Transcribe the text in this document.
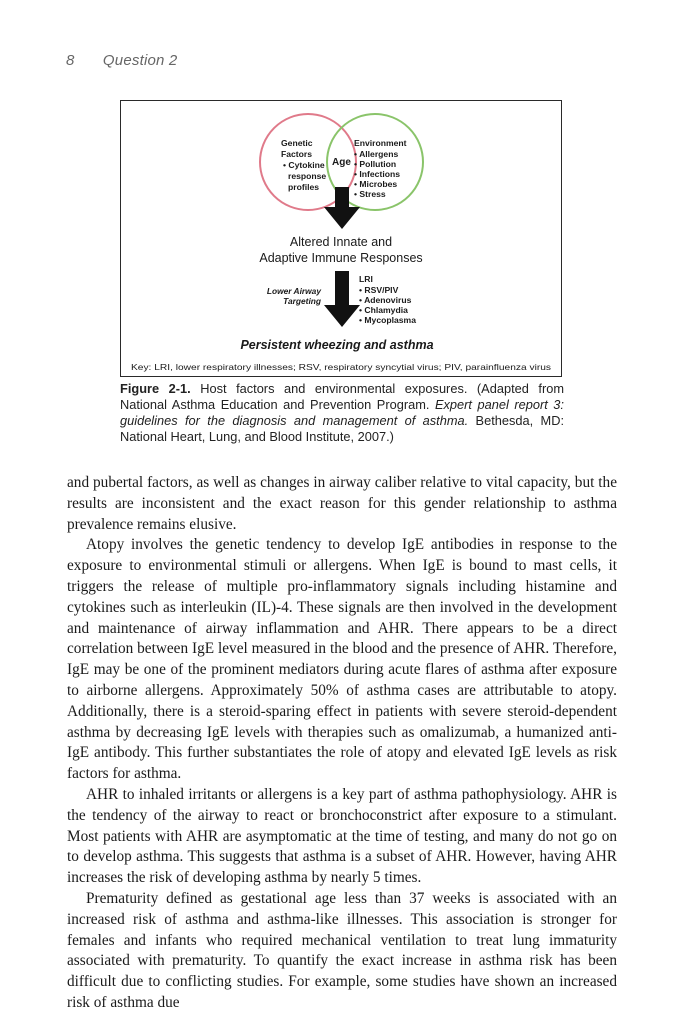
8 Question 2
Genetic
Factors
• Cytokine
response
profiles
Age
Environment
• Allergens
• Pollution
• Infections
• Microbes
• Stress
Altered Innate and
Adaptive Immune Responses
Lower Airway
Targeting
LRI
• RSV/PIV
• Adenovirus
• Chlamydia
• Mycoplasma
Persistent wheezing and asthma
Key: LRI, lower respiratory illnesses; RSV, respiratory syncytial virus; PIV, parainfluenza virus
Figure 2-1. Host factors and environmental exposures. (Adapted from National Asthma Education and Prevention Program. Expert panel report 3: guidelines for the diagnosis and management of asthma. Bethesda, MD: National Heart, Lung, and Blood Institute, 2007.)

and pubertal factors, as well as changes in airway caliber relative to vital capacity, but the results are inconsistent and the exact reason for this gender relationship to asthma prevalence remains elusive.

Atopy involves the genetic tendency to develop IgE antibodies in response to the exposure to environmental stimuli or allergens. When IgE is bound to mast cells, it triggers the release of multiple pro-inflammatory signals including histamine and cytokines such as interleukin (IL)-4. These signals are then involved in the development and maintenance of airway inflammation and AHR. There appears to be a direct correlation between IgE level measured in the blood and the presence of AHR. Therefore, IgE may be one of the prominent mediators during acute flares of asthma after exposure to airborne allergens. Approximately 50% of asthma cases are attributable to atopy. Additionally, there is a steroid-sparing effect in patients with severe steroid-dependent asthma by decreasing IgE levels with therapies such as omalizumab, a humanized anti-IgE antibody. This further substantiates the role of atopy and elevated IgE levels as risk factors for asthma.

AHR to inhaled irritants or allergens is a key part of asthma pathophysiology. AHR is the tendency of the airway to react or bronchoconstrict after exposure to a stimulant. Most patients with AHR are asymptomatic at the time of testing, and many do not go on to develop asthma. This suggests that asthma is a subset of AHR. However, having AHR increases the risk of developing asthma by nearly 5 times.

Prematurity defined as gestational age less than 37 weeks is associated with an increased risk of asthma and asthma-like illnesses. This association is stronger for females and infants who required mechanical ventilation to treat lung immaturity associated with prematurity. To quantify the exact increase in asthma risk has been difficult due to conflicting studies. For example, some studies have shown an increased risk of asthma due
